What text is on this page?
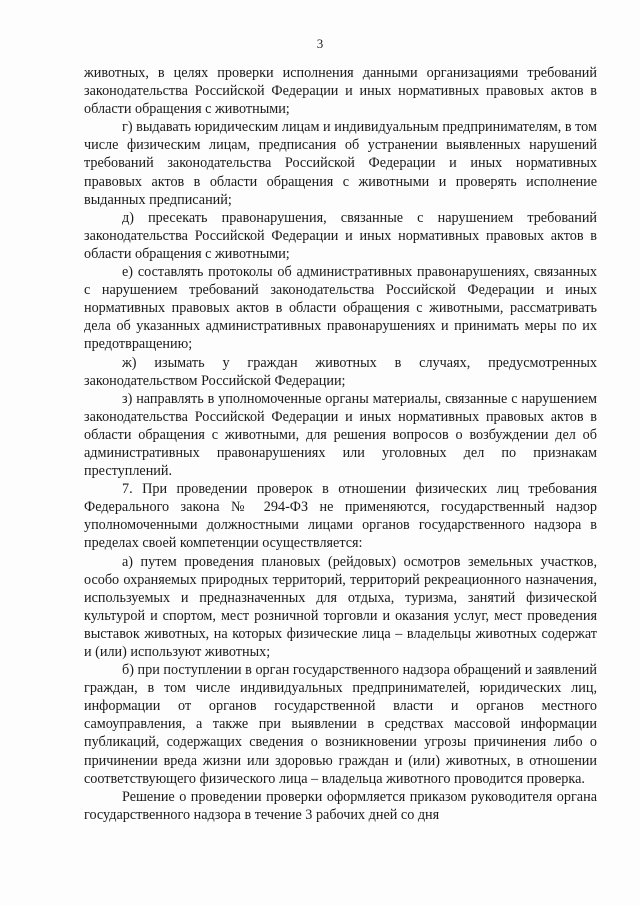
3

животных, в целях проверки исполнения данными организациями требований законодательства Российской Федерации и иных нормативных правовых актов в области обращения с животными;

г) выдавать юридическим лицам и индивидуальным предпринимателям, в том числе физическим лицам, предписания об устранении выявленных нарушений требований законодательства Российской Федерации и иных нормативных правовых актов в области обращения с животными и проверять исполнение выданных предписаний;

д) пресекать правонарушения, связанные с нарушением требований законодательства Российской Федерации и иных нормативных правовых актов в области обращения с животными;

е) составлять протоколы об административных правонарушениях, связанных с нарушением требований законодательства Российской Федерации и иных нормативных правовых актов в области обращения с животными, рассматривать дела об указанных административных правонарушениях и принимать меры по их предотвращению;

ж) изымать у граждан животных в случаях, предусмотренных законодательством Российской Федерации;

з) направлять в уполномоченные органы материалы, связанные с нарушением законодательства Российской Федерации и иных нормативных правовых актов в области обращения с животными, для решения вопросов о возбуждении дел об административных правонарушениях или уголовных дел по признакам преступлений.

7. При проведении проверок в отношении физических лиц требования Федерального закона № 294-ФЗ не применяются, государственный надзор уполномоченными должностными лицами органов государственного надзора в пределах своей компетенции осуществляется:

а) путем проведения плановых (рейдовых) осмотров земельных участков, особо охраняемых природных территорий, территорий рекреационного назначения, используемых и предназначенных для отдыха, туризма, занятий физической культурой и спортом, мест розничной торговли и оказания услуг, мест проведения выставок животных, на которых физические лица – владельцы животных содержат и (или) используют животных;

б) при поступлении в орган государственного надзора обращений и заявлений граждан, в том числе индивидуальных предпринимателей, юридических лиц, информации от органов государственной власти и органов местного самоуправления, а также при выявлении в средствах массовой информации публикаций, содержащих сведения о возникновении угрозы причинения либо о причинении вреда жизни или здоровью граждан и (или) животных, в отношении соответствующего физического лица – владельца животного проводится проверка.

Решение о проведении проверки оформляется приказом руководителя органа государственного надзора в течение 3 рабочих дней со дня
